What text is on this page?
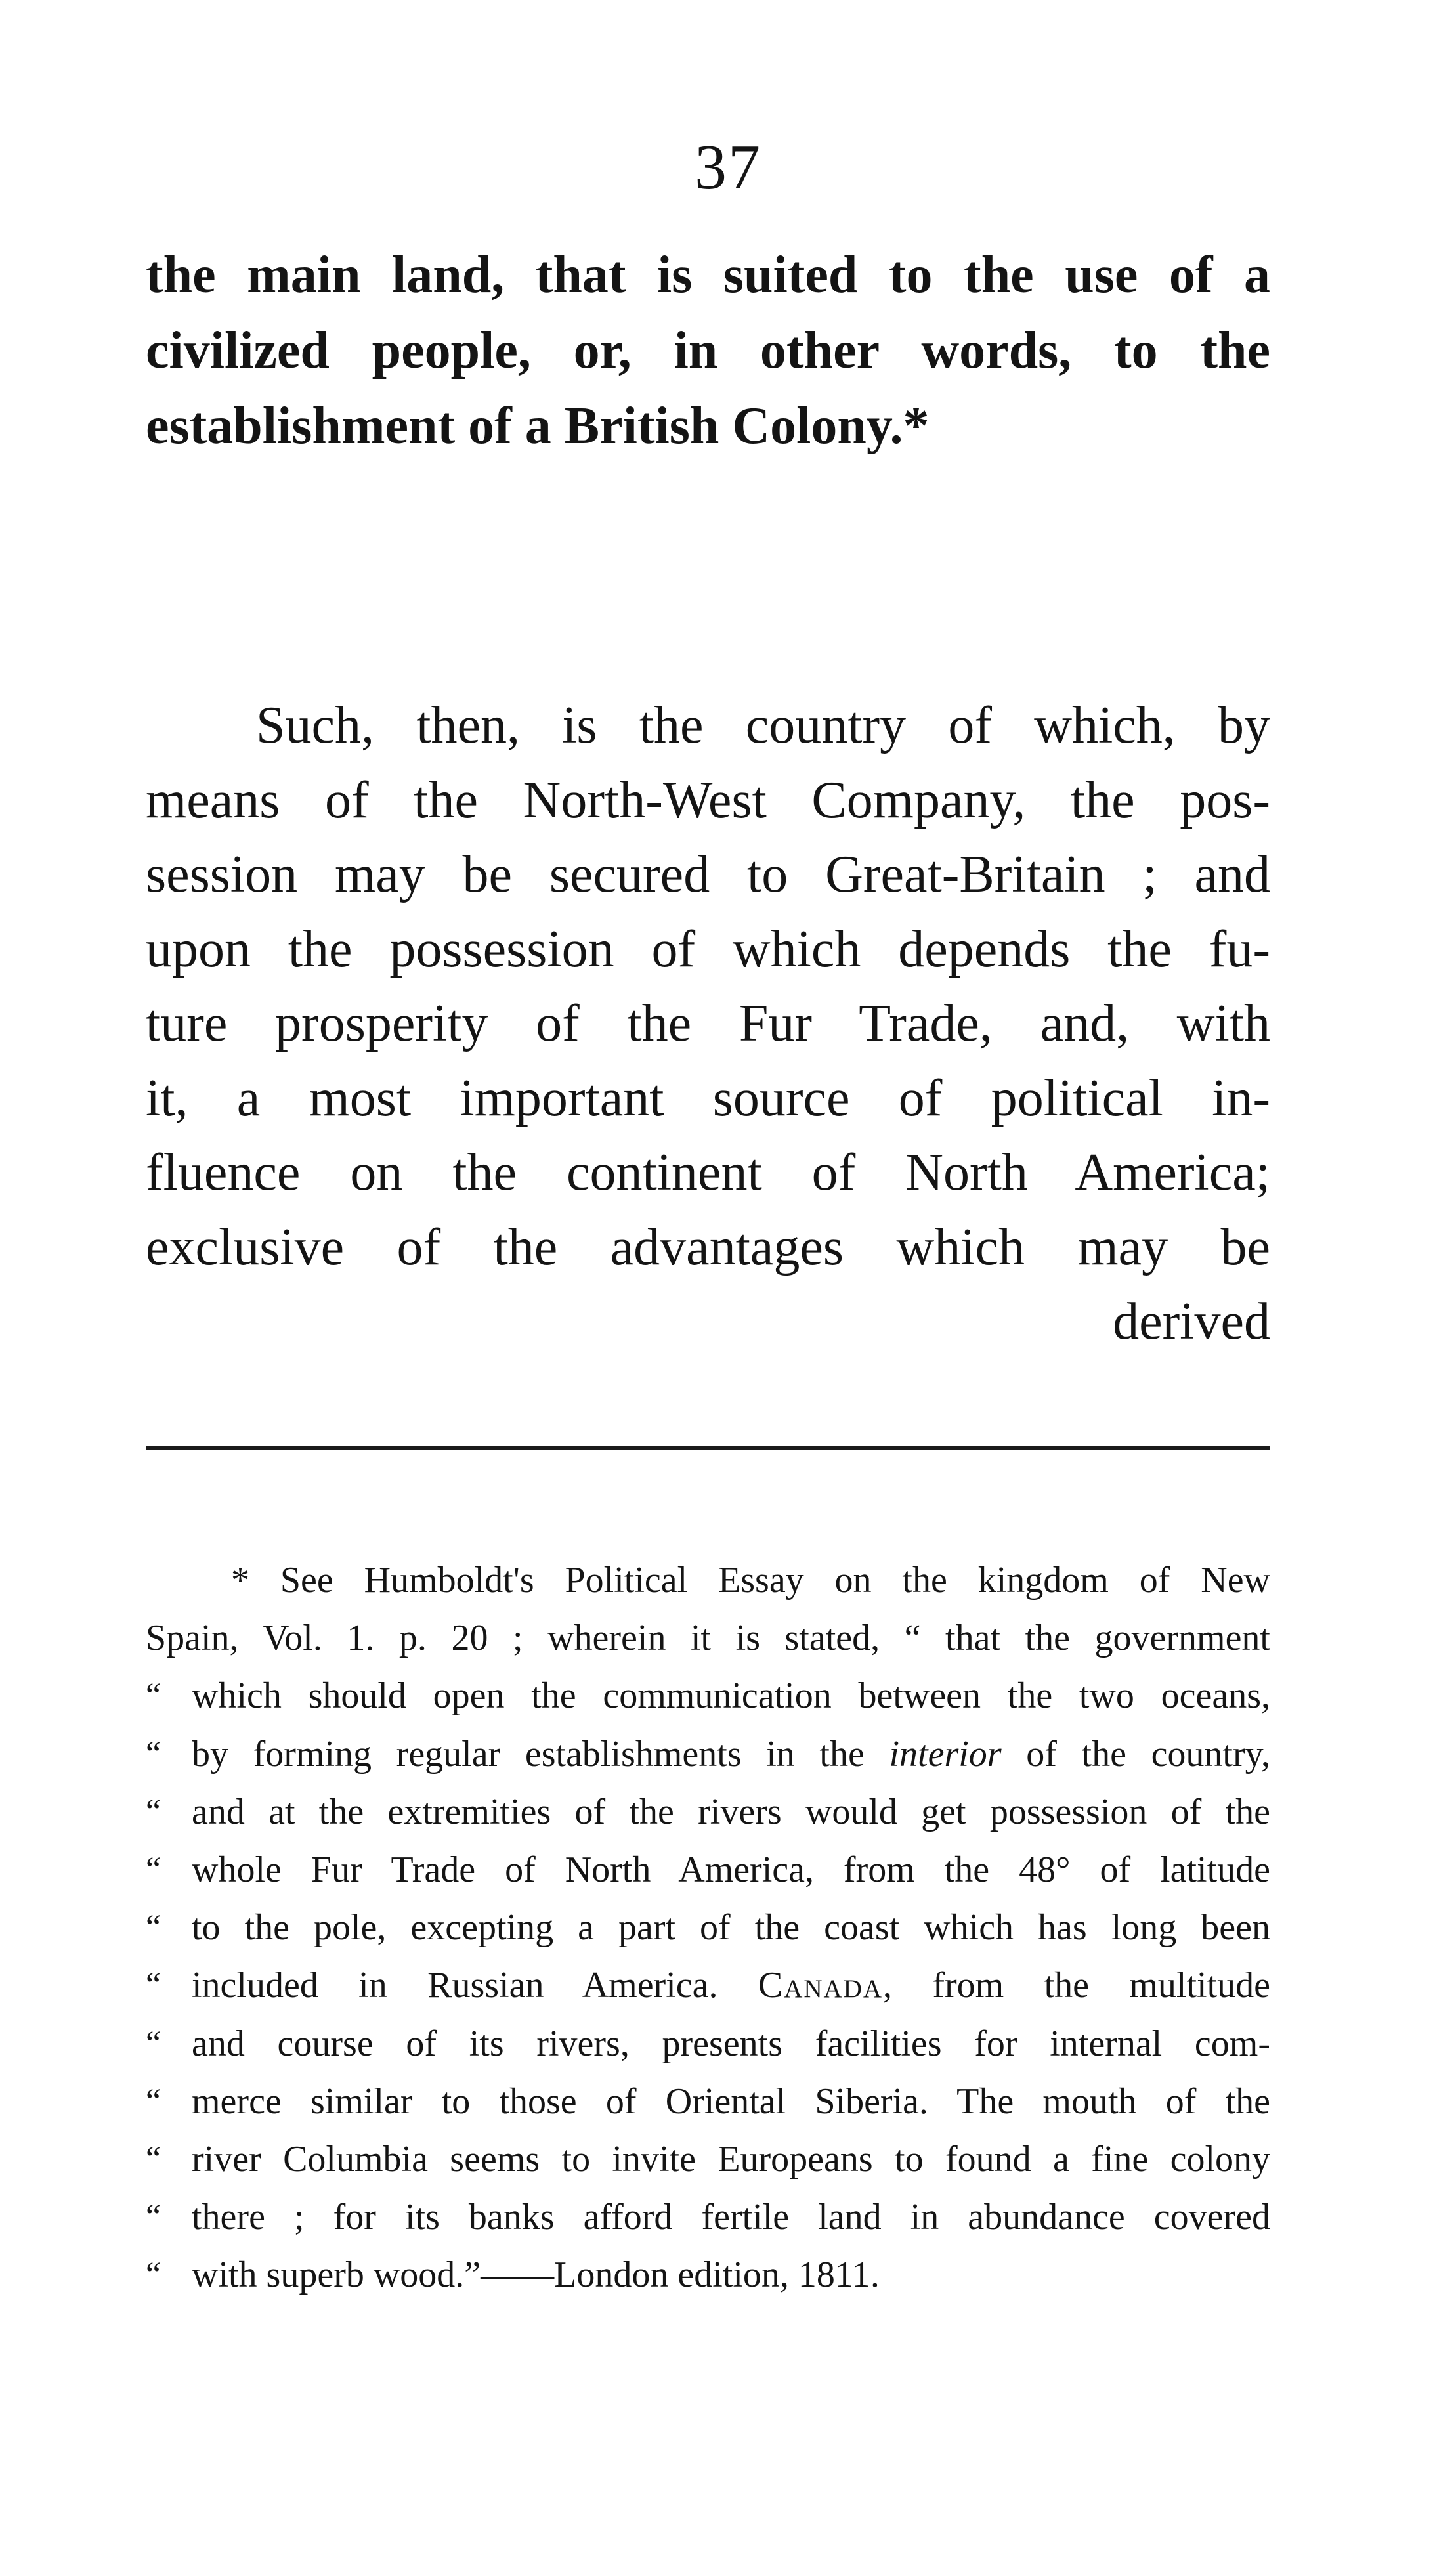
37
the main land, that is suited to the use of a
civilized people, or, in other words, to the
establishment of a British Colony.*
Such, then, is the country of which, by
means of the North-West Company, the pos-
session may be secured to Great-Britain ; and
upon the possession of which depends the fu-
ture prosperity of the Fur Trade, and, with
it, a most important source of political in-
fluence on the continent of North America;
exclusive of the advantages which may be
derived
* See Humboldt's Political Essay on the kingdom of New
Spain, Vol. 1. p. 20 ; wherein it is stated, “ that the government
“ which should open the communication between the two oceans,
“ by forming regular establishments in the interior of the country,
“ and at the extremities of the rivers would get possession of the
“ whole Fur Trade of North America, from the 48° of latitude
“ to the pole, excepting a part of the coast which has long been
“ included in Russian America. Canada, from the multitude
“ and course of its rivers, presents facilities for internal com-
“ merce similar to those of Oriental Siberia. The mouth of the
“ river Columbia seems to invite Europeans to found a fine colony
“ there ; for its banks afford fertile land in abundance covered
“ with superb wood.”——London edition, 1811.
